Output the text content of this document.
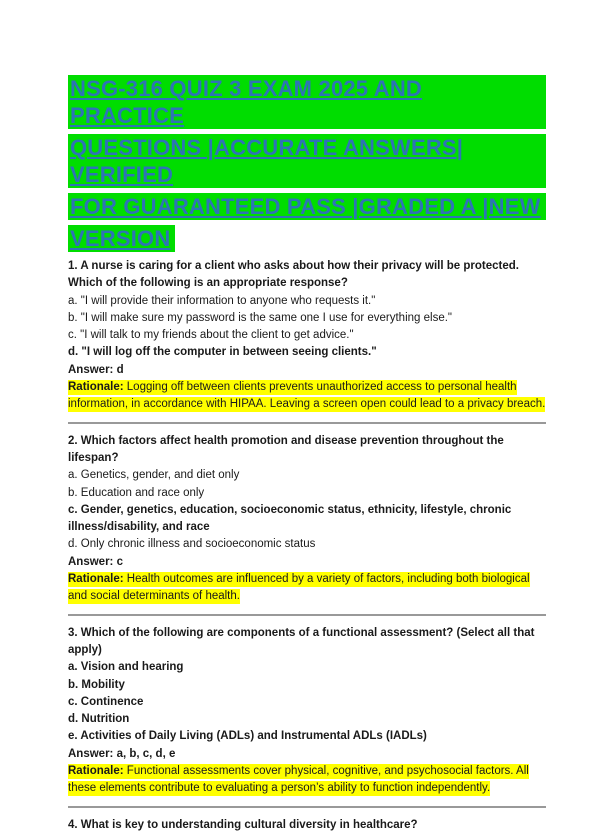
NSG-316 QUIZ 3 EXAM 2025 AND PRACTICE
QUESTIONS |ACCURATE ANSWERS| VERIFIED
FOR GUARANTEED PASS |GRADED A |NEW
VERSION

1. A nurse is caring for a client who asks about how their privacy will be protected. Which of the following is an appropriate response?

a. "I will provide their information to anyone who requests it."

b. "I will make sure my password is the same one I use for everything else."

c. "I will talk to my friends about the client to get advice."

d. "I will log off the computer in between seeing clients."

Answer: d

Rationale: Logging off between clients prevents unauthorized access to personal health information, in accordance with HIPAA. Leaving a screen open could lead to a privacy breach.

2. Which factors affect health promotion and disease prevention throughout the lifespan?

a. Genetics, gender, and diet only

b. Education and race only

c. Gender, genetics, education, socioeconomic status, ethnicity, lifestyle, chronic illness/disability, and race

d. Only chronic illness and socioeconomic status

Answer: c

Rationale: Health outcomes are influenced by a variety of factors, including both biological and social determinants of health.

3. Which of the following are components of a functional assessment? (Select all that apply)

a. Vision and hearing

b. Mobility

c. Continence

d. Nutrition

e. Activities of Daily Living (ADLs) and Instrumental ADLs (IADLs)

Answer: a, b, c, d, e

Rationale: Functional assessments cover physical, cognitive, and psychosocial factors. All these elements contribute to evaluating a person’s ability to function independently.

4. What is key to understanding cultural diversity in healthcare?
